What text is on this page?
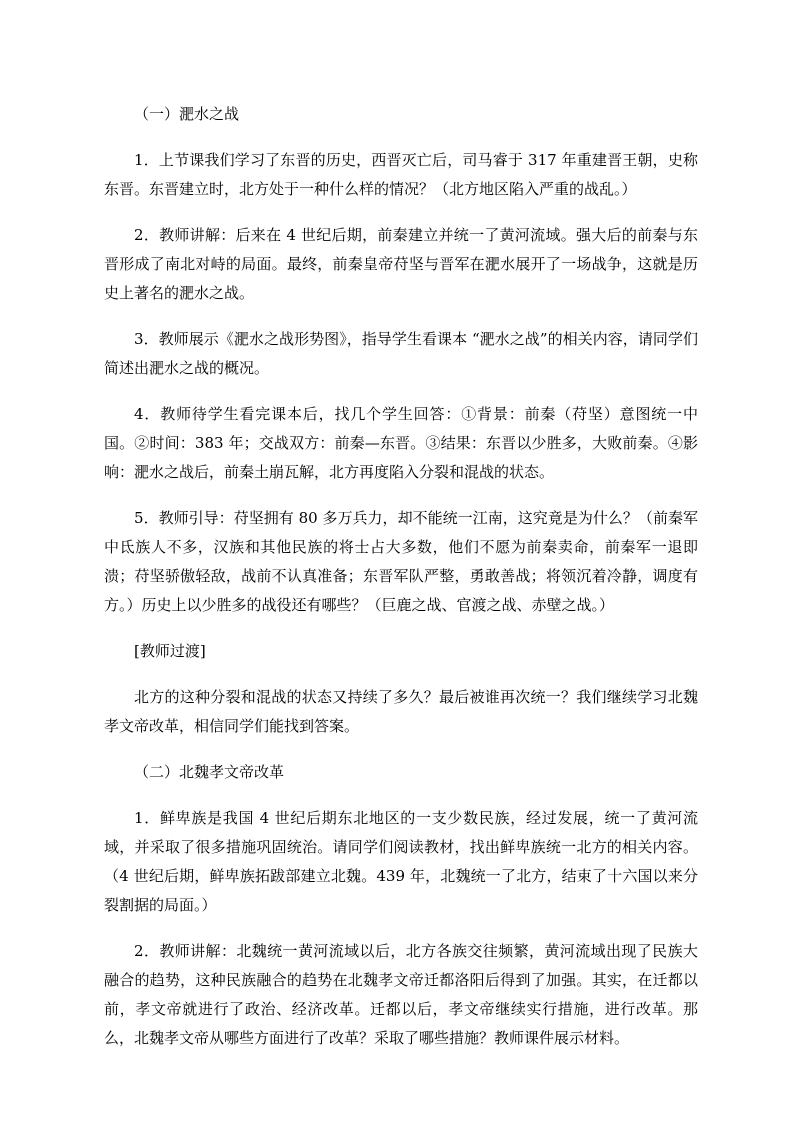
（一）淝水之战

1．上节课我们学习了东晋的历史，西晋灭亡后，司马睿于 317 年重建晋王朝，史称东晋。东晋建立时，北方处于一种什么样的情况？（北方地区陷入严重的战乱。）

2．教师讲解：后来在 4 世纪后期，前秦建立并统一了黄河流域。强大后的前秦与东晋形成了南北对峙的局面。最终，前秦皇帝苻坚与晋军在淝水展开了一场战争，这就是历史上著名的淝水之战。

3．教师展示《淝水之战形势图》，指导学生看课本 “淝水之战”的相关内容，请同学们简述出淝水之战的概况。

4．教师待学生看完课本后，找几个学生回答：①背景：前秦（苻坚）意图统一中国。②时间：383 年；交战双方：前秦—东晋。③结果：东晋以少胜多，大败前秦。④影响：淝水之战后，前秦土崩瓦解，北方再度陷入分裂和混战的状态。

5．教师引导：苻坚拥有 80 多万兵力，却不能统一江南，这究竟是为什么？（前秦军中氐族人不多，汉族和其他民族的将士占大多数，他们不愿为前秦卖命，前秦军一退即溃；苻坚骄傲轻敌，战前不认真准备；东晋军队严整，勇敢善战；将领沉着冷静，调度有方。）历史上以少胜多的战役还有哪些？（巨鹿之战、官渡之战、赤壁之战。）

[教师过渡]

北方的这种分裂和混战的状态又持续了多久？最后被谁再次统一？我们继续学习北魏孝文帝改革，相信同学们能找到答案。

（二）北魏孝文帝改革

1．鲜卑族是我国 4 世纪后期东北地区的一支少数民族，经过发展，统一了黄河流域，并采取了很多措施巩固统治。请同学们阅读教材，找出鲜卑族统一北方的相关内容。（4 世纪后期，鲜卑族拓跋部建立北魏。439 年，北魏统一了北方，结束了十六国以来分裂割据的局面。）

2．教师讲解：北魏统一黄河流域以后，北方各族交往频繁，黄河流域出现了民族大融合的趋势，这种民族融合的趋势在北魏孝文帝迁都洛阳后得到了加强。其实，在迁都以前，孝文帝就进行了政治、经济改革。迁都以后，孝文帝继续实行措施，进行改革。那么，北魏孝文帝从哪些方面进行了改革？采取了哪些措施？教师课件展示材料。
